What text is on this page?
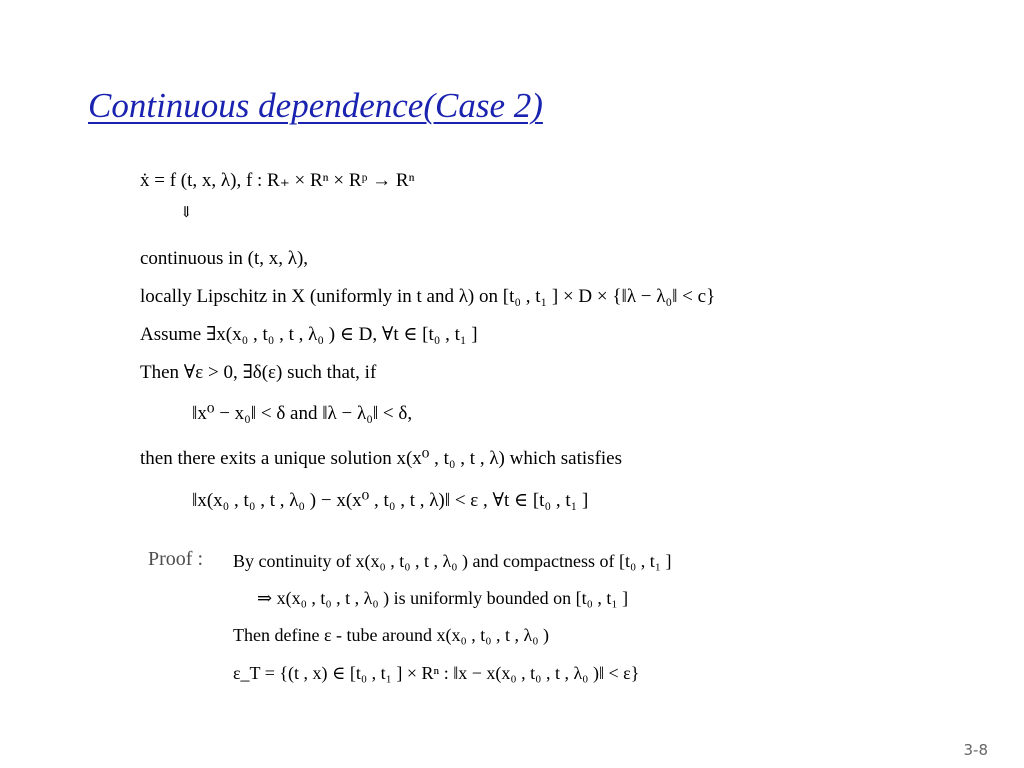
Continuous dependence(Case 2)
ẋ = f (t, x, λ), f : R₊ × Rⁿ × Rᵖ → Rⁿ
⇓
continuous in (t, x, λ),
locally Lipschitz in X (uniformly in t and λ) on [t₀ , t₁ ] × D × {‖λ − λ₀‖ < c}
Assume ∃x(x₀ , t₀ , t , λ₀ ) ∈ D, ∀t ∈ [t₀ , t₁ ]
Then ∀ε > 0, ∃δ(ε) such that, if
‖x⁰ − x₀‖ < δ and ‖λ − λ₀‖ < δ,
then there exits a unique solution x(x⁰ , t₀ , t , λ) which satisfies
‖x(x₀ , t₀ , t , λ₀ ) − x(x⁰ , t₀ , t , λ)‖ < ε , ∀t ∈ [t₀ , t₁ ]
Proof : By continuity of x(x₀ , t₀ , t , λ₀ ) and compactness of [t₀ , t₁ ]
⇒ x(x₀ , t₀ , t , λ₀ ) is uniformly bounded on [t₀ , t₁ ]
Then define ε - tube around x(x₀ , t₀ , t , λ₀ )
ε_T = {(t , x) ∈ [t₀ , t₁ ] × Rⁿ : ‖x − x(x₀ , t₀ , t , λ₀ )‖ < ε}
3-8
